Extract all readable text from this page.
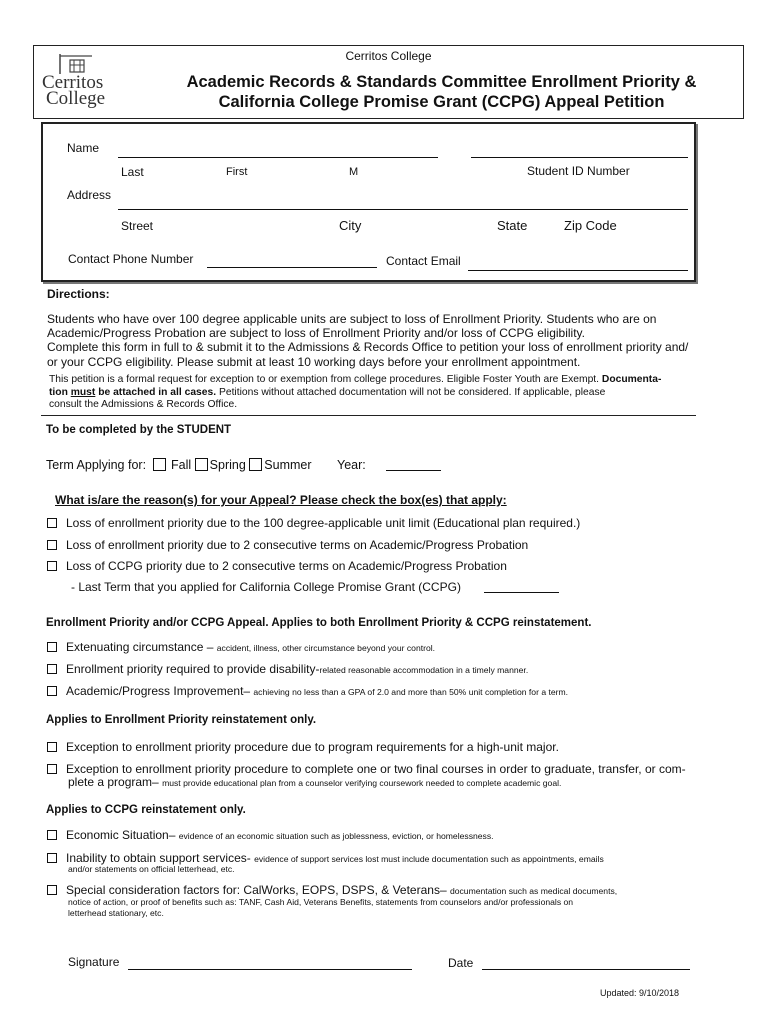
Cerritos College
Cerritos
College
Academic Records & Standards Committee Enrollment Priority &
California College Promise Grant (CCPG) Appeal Petition
Name
Last	First	M	Student ID Number
Address
Street	City	State	Zip Code
Contact Phone Number	Contact Email
Directions:
Students who have over 100 degree applicable units are subject to loss of Enrollment Priority. Students who are on
Academic/Progress Probation are subject to loss of Enrollment Priority and/or loss of CCPG eligibility.
Complete this form in full to & submit it to the Admissions & Records Office to petition your loss of enrollment priority and/
or your CCPG eligibility. Please submit at least 10 working days before your enrollment appointment.
This petition is a formal request for exception to or exemption from college procedures. Eligible Foster Youth are Exempt. Documenta-
tion must be attached in all cases. Petitions without attached documentation will not be considered. If applicable, please
consult the Admissions & Records Office.
To be completed by the STUDENT
Term Applying for: Fall Spring Summer Year:
What is/are the reason(s) for your Appeal? Please check the box(es) that apply:
Loss of enrollment priority due to the 100 degree-applicable unit limit (Educational plan required.)
Loss of enrollment priority due to 2 consecutive terms on Academic/Progress Probation
Loss of CCPG priority due to 2 consecutive terms on Academic/Progress Probation
- Last Term that you applied for California College Promise Grant (CCPG)
Enrollment Priority and/or CCPG Appeal. Applies to both Enrollment Priority & CCPG reinstatement.
Extenuating circumstance – accident, illness, other circumstance beyond your control.
Enrollment priority required to provide disability-related reasonable accommodation in a timely manner.
Academic/Progress Improvement– achieving no less than a GPA of 2.0 and more than 50% unit completion for a term.
Applies to Enrollment Priority reinstatement only.
Exception to enrollment priority procedure due to program requirements for a high-unit major.
Exception to enrollment priority procedure to complete one or two final courses in order to graduate, transfer, or com-
plete a program– must provide educational plan from a counselor verifying coursework needed to complete academic goal.
Applies to CCPG reinstatement only.
Economic Situation– evidence of an economic situation such as joblessness, eviction, or homelessness.
Inability to obtain support services- evidence of support services lost must include documentation such as appointments, emails
and/or statements on official letterhead, etc.
Special consideration factors for: CalWorks, EOPS, DSPS, & Veterans– documentation such as medical documents,
notice of action, or proof of benefits such as: TANF, Cash Aid, Veterans Benefits, statements from counselors and/or professionals on
letterhead stationary, etc.
Signature	Date
Updated: 9/10/2018
